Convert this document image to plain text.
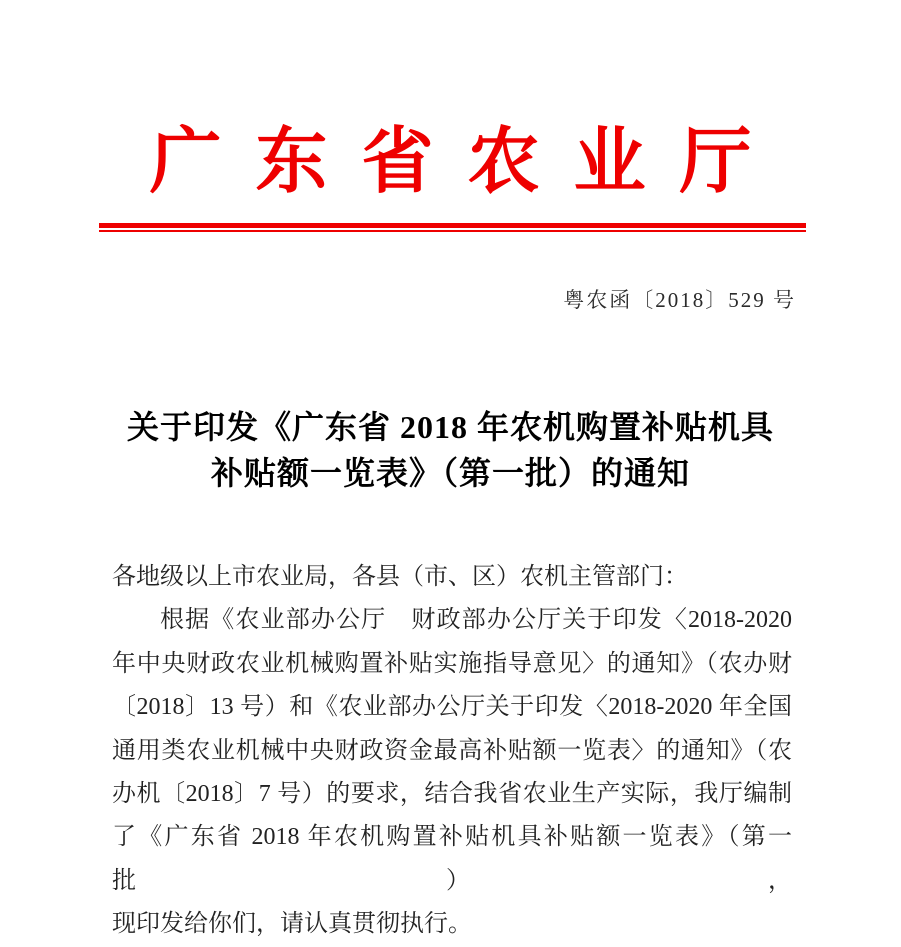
广东省农业厅
粤农函〔2018〕529 号
关于印发《广东省 2018 年农机购置补贴机具
补贴额一览表》（第一批）的通知
各地级以上市农业局，各县（市、区）农机主管部门：
根据《农业部办公厅　财政部办公厅关于印发〈2018-2020
年中央财政农业机械购置补贴实施指导意见〉的通知》（农办财
〔2018〕13 号）和《农业部办公厅关于印发〈2018-2020 年全国
通用类农业机械中央财政资金最高补贴额一览表〉的通知》（农
办机〔2018〕7 号）的要求，结合我省农业生产实际，我厅编制
了《广东省 2018 年农机购置补贴机具补贴额一览表》（第一批），
现印发给你们，请认真贯彻执行。
